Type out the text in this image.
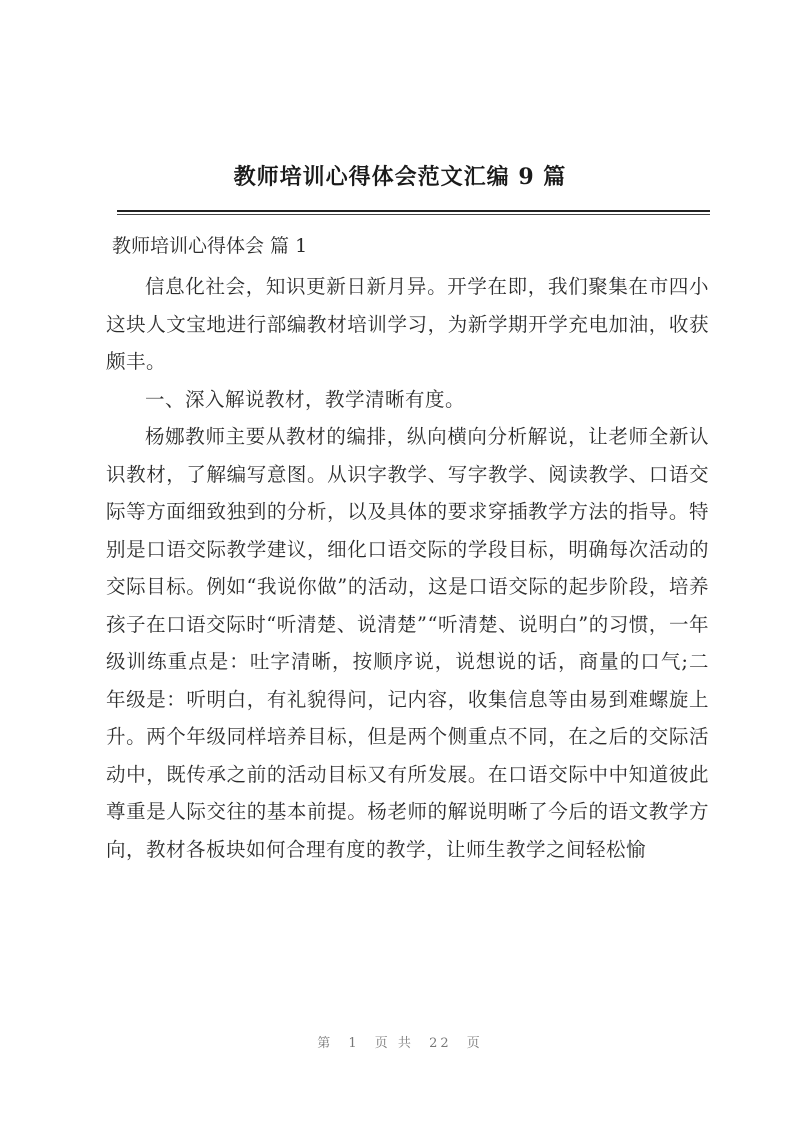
教师培训心得体会范文汇编 9 篇
教师培训心得体会 篇 1

信息化社会，知识更新日新月异。开学在即，我们聚集在市四小这块人文宝地进行部编教材培训学习，为新学期开学充电加油，收获颇丰。

一、深入解说教材，教学清晰有度。

杨娜教师主要从教材的编排，纵向横向分析解说，让老师全新认识教材，了解编写意图。从识字教学、写字教学、阅读教学、口语交际等方面细致独到的分析，以及具体的要求穿插教学方法的指导。特别是口语交际教学建议，细化口语交际的学段目标，明确每次活动的交际目标。例如“我说你做”的活动，这是口语交际的起步阶段，培养孩子在口语交际时“听清楚、说清楚”“听清楚、说明白”的习惯，一年级训练重点是：吐字清晰，按顺序说，说想说的话，商量的口气;二年级是：听明白，有礼貌得问，记内容，收集信息等由易到难螺旋上升。两个年级同样培养目标，但是两个侧重点不同，在之后的交际活动中，既传承之前的活动目标又有所发展。在口语交际中中知道彼此尊重是人际交往的基本前提。杨老师的解说明晰了今后的语文教学方向，教材各板块如何合理有度的教学，让师生教学之间轻松愉

第 1 页 共 22 页
